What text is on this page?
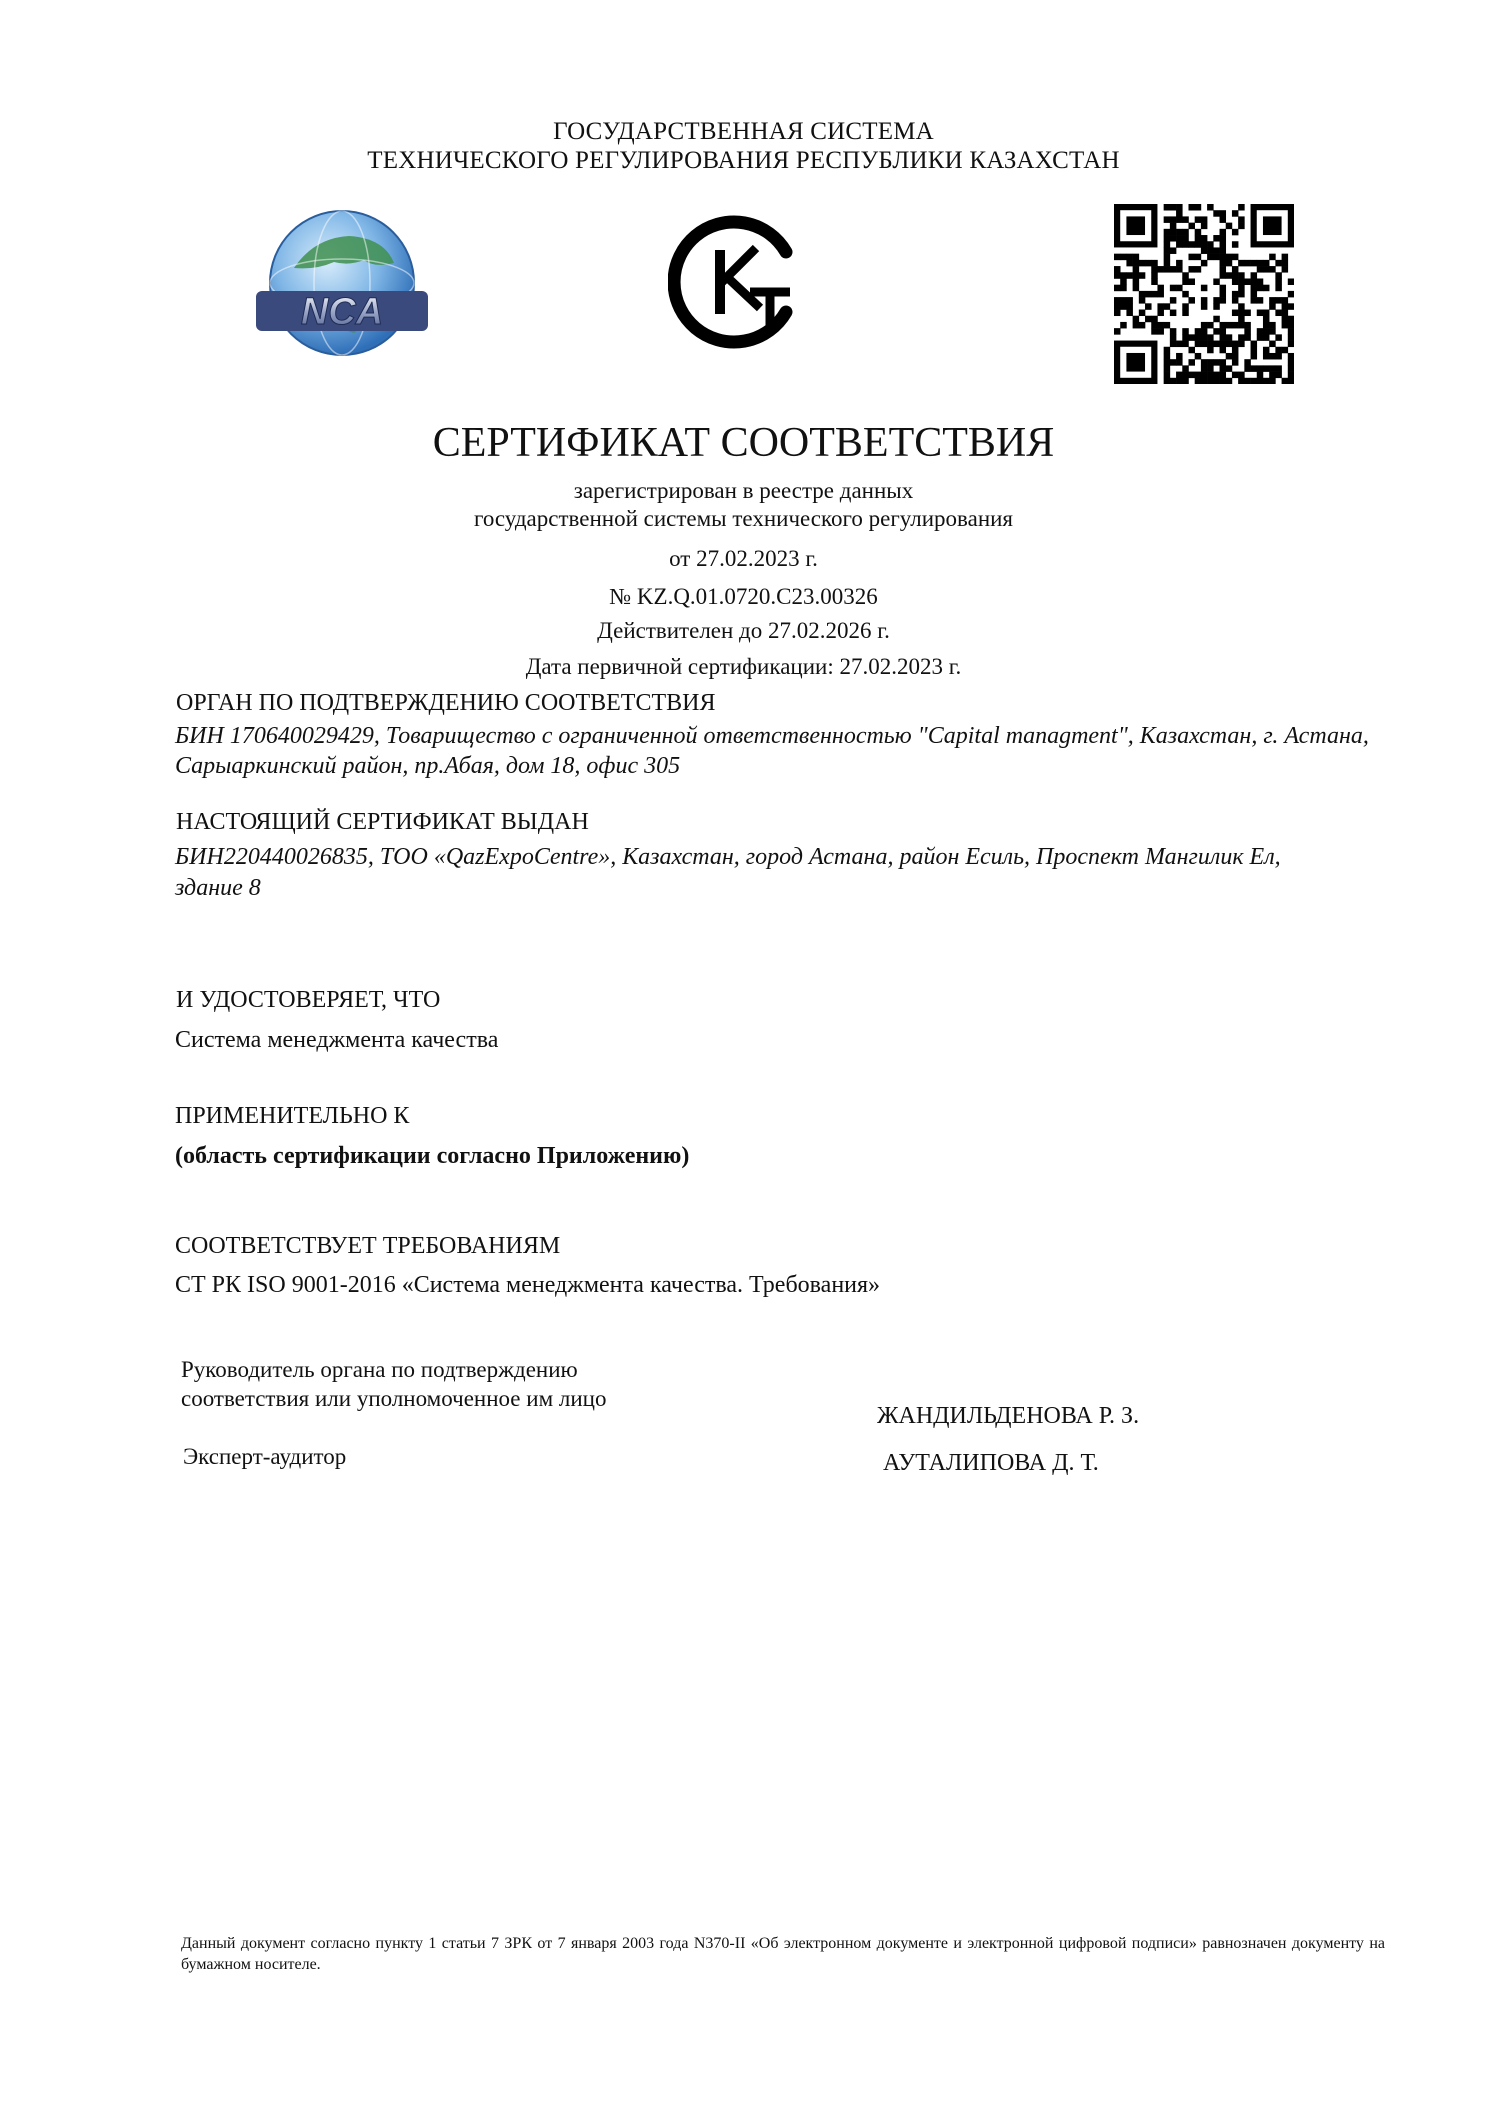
ГОСУДАРСТВЕННАЯ СИСТЕМА
ТЕХНИЧЕСКОГО РЕГУЛИРОВАНИЯ РЕСПУБЛИКИ КАЗАХСТАН
NCA
KZ
СЕРТИФИКАТ СООТВЕТСТВИЯ
зарегистрирован в реестре данных
государственной системы технического регулирования
от 27.02.2023 г.
№ KZ.Q.01.0720.C23.00326
Действителен до 27.02.2026 г.
Дата первичной сертификации: 27.02.2023 г.
ОРГАН ПО ПОДТВЕРЖДЕНИЮ СООТВЕТСТВИЯ
БИН 170640029429, Товарищество с ограниченной ответственностью "Capital managment", Казахстан, г. Астана,
Сарыаркинский район, пр.Абая, дом 18, офис 305
НАСТОЯЩИЙ СЕРТИФИКАТ ВЫДАН
БИН220440026835, ТОО «QazExpoCentre», Казахстан, город Астана, район Есиль, Проспект Мангилик Ел,
здание 8
И УДОСТОВЕРЯЕТ, ЧТО
Система менеджмента качества
ПРИМЕНИТЕЛЬНО К
(область сертификации согласно Приложению)
СООТВЕТСТВУЕТ ТРЕБОВАНИЯМ
СТ РК ISO 9001-2016 «Система менеджмента качества. Требования»
Руководитель органа по подтверждению
соответствия или уполномоченное им лицо
ЖАНДИЛЬДЕНОВА Р. З.
Эксперт-аудитор	АУТАЛИПОВА Д. Т.
Данный документ согласно пункту 1 статьи 7 ЗРК от 7 января 2003 года N370-II «Об электронном документе и электронной цифровой подписи» равнозначен документу на бумажном носителе.
